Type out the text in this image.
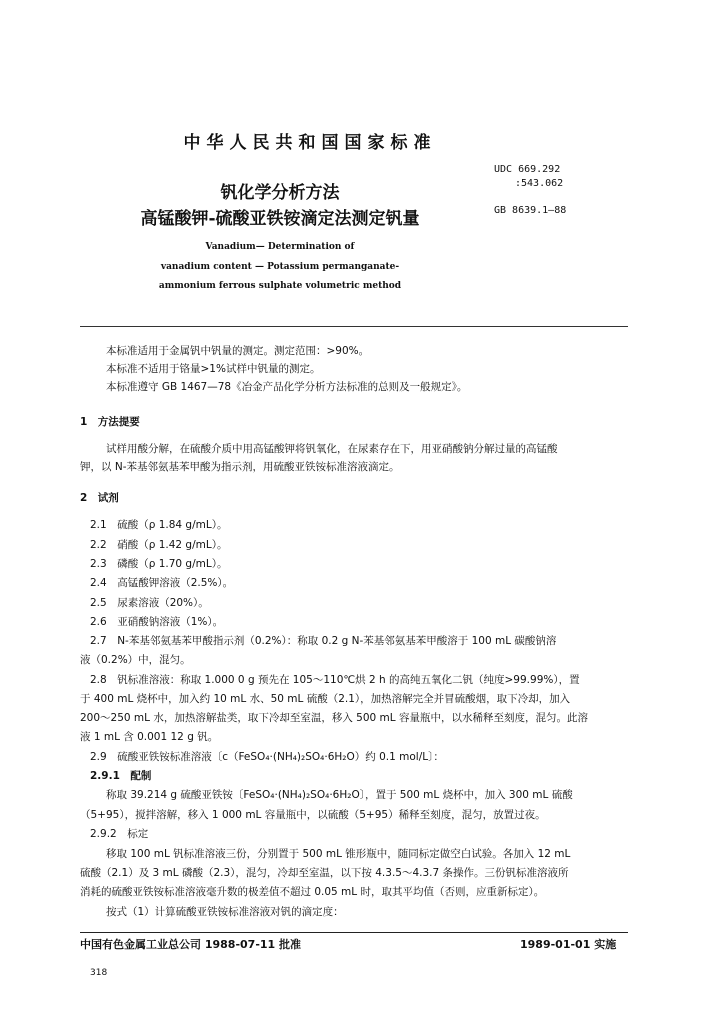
中华人民共和国国家标准
UDC 669.292
:543.062
GB 8639.1—88
钒化学分析方法
高锰酸钾-硫酸亚铁铵滴定法测定钒量
Vanadium— Determination of
vanadium content — Potassium permanganate-
ammonium ferrous sulphate volumetric method
本标准适用于金属钒中钒量的测定。测定范围：>90%。
本标准不适用于铬量>1%试样中钒量的测定。
本标准遵守 GB 1467—78《冶金产品化学分析方法标准的总则及一般规定》。
1　方法提要
试样用酸分解，在硫酸介质中用高锰酸钾将钒氧化，在尿素存在下，用亚硝酸钠分解过量的高锰酸
钾，以 N-苯基邻氨基苯甲酸为指示剂，用硫酸亚铁铵标准溶液滴定。
2　试剂
2.1　硫酸（ρ 1.84 g/mL）。
2.2　硝酸（ρ 1.42 g/mL）。
2.3　磷酸（ρ 1.70 g/mL）。
2.4　高锰酸钾溶液（2.5%）。
2.5　尿素溶液（20%）。
2.6　亚硝酸钠溶液（1%）。
2.7　N-苯基邻氨基苯甲酸指示剂（0.2%）：称取 0.2 g N-苯基邻氨基苯甲酸溶于 100 mL 碳酸钠溶
液（0.2%）中，混匀。
2.8　钒标准溶液：称取 1.000 0 g 预先在 105～110℃烘 2 h 的高纯五氧化二钒（纯度>99.99%），置
于 400 mL 烧杯中，加入约 10 mL 水、50 mL 硫酸（2.1），加热溶解完全并冒硫酸烟，取下冷却，加入
200～250 mL 水，加热溶解盐类，取下冷却至室温，移入 500 mL 容量瓶中，以水稀释至刻度，混匀。此溶
液 1 mL 含 0.001 12 g 钒。
2.9　硫酸亚铁铵标准溶液〔c（FeSO₄·(NH₄)₂SO₄·6H₂O）约 0.1 mol/L〕：
2.9.1　配制
称取 39.214 g 硫酸亚铁铵〔FeSO₄·(NH₄)₂SO₄·6H₂O〕，置于 500 mL 烧杯中，加入 300 mL 硫酸
（5+95），搅拌溶解，移入 1 000 mL 容量瓶中，以硫酸（5+95）稀释至刻度，混匀，放置过夜。
2.9.2　标定
移取 100 mL 钒标准溶液三份，分别置于 500 mL 锥形瓶中，随同标定做空白试验。各加入 12 mL
硫酸（2.1）及 3 mL 磷酸（2.3），混匀，冷却至室温，以下按 4.3.5～4.3.7 条操作。三份钒标准溶液所
消耗的硫酸亚铁铵标准溶液毫升数的极差值不超过 0.05 mL 时，取其平均值（否则，应重新标定）。
按式（1）计算硫酸亚铁铵标准溶液对钒的滴定度：
中国有色金属工业总公司 1988-07-11 批准	1989-01-01 实施
318
